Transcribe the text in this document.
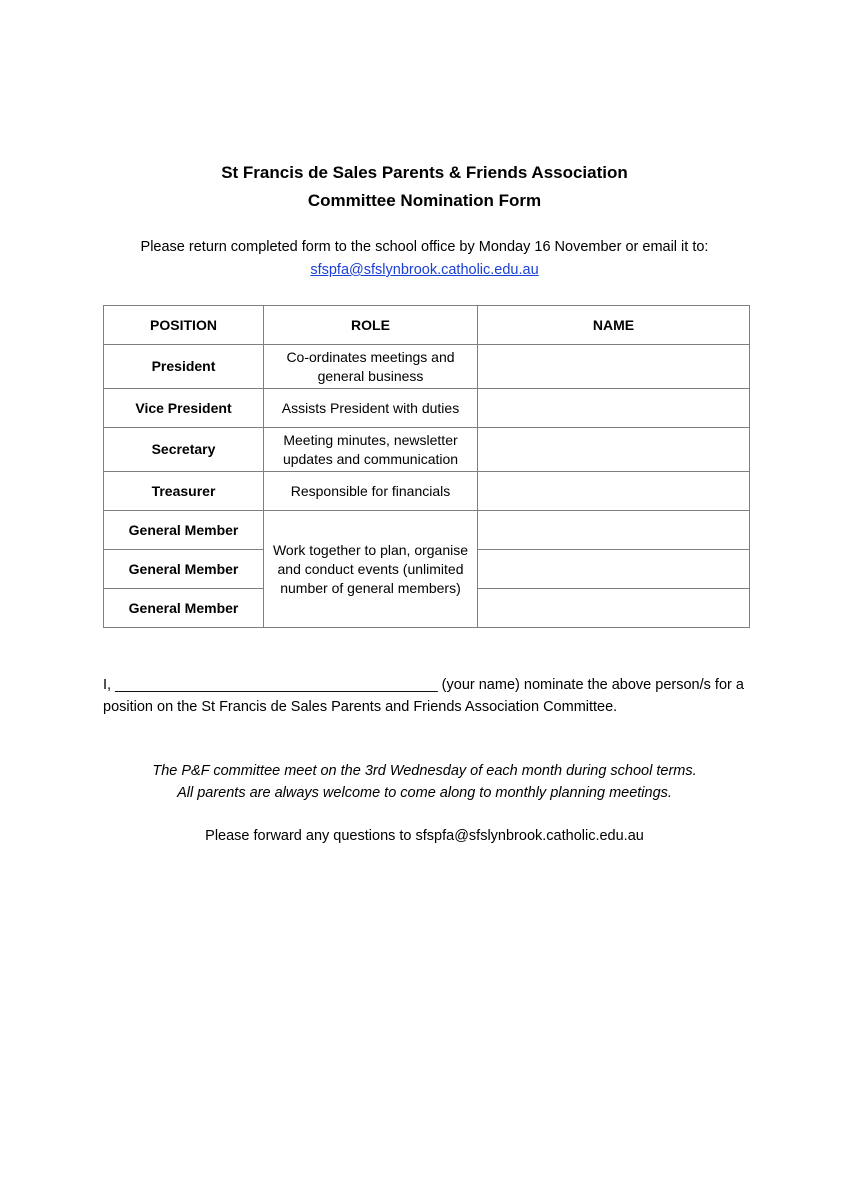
St Francis de Sales Parents & Friends Association
Committee Nomination Form
Please return completed form to the school office by Monday 16 November or email it to:
sfspfa@sfslynbrook.catholic.edu.au
POSITION	ROLE	NAME
President	Co-ordinates meetings and general business	
Vice President	Assists President with duties	
Secretary	Meeting minutes, newsletter updates and communication	
Treasurer	Responsible for financials	
General Member	Work together to plan, organise and conduct events (unlimited number of general members)	
General Member		
General Member		
I, ________________________________________ (your name) nominate the above person/s for a position on the St Francis de Sales Parents and Friends Association Committee.
The P&F committee meet on the 3rd Wednesday of each month during school terms.
All parents are always welcome to come along to monthly planning meetings.
Please forward any questions to sfspfa@sfslynbrook.catholic.edu.au
